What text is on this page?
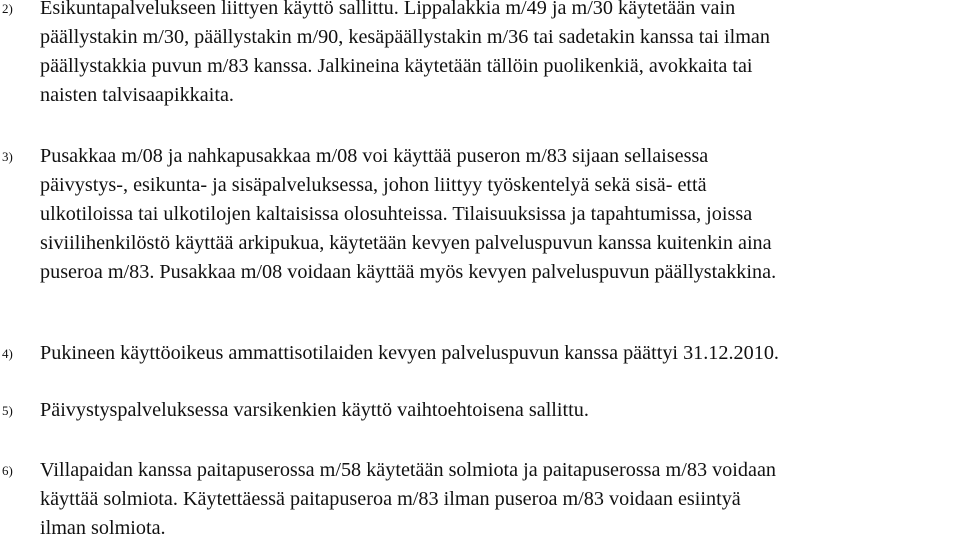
2) Esikuntapalvelukseen liittyen käyttö sallittu. Lippalakkia m/49 ja m/30 käytetään vain
päällystakin m/30, päällystakin m/90, kesäpäällystakin m/36 tai sadetakin kanssa tai ilman
päällystakkia puvun m/83 kanssa. Jalkineina käytetään tällöin puolikenkiä, avokkaita tai
naisten talvisaapikkaita.
3) Pusakkaa m/08 ja nahkapusakkaa m/08 voi käyttää puseron m/83 sijaan sellaisessa
päivystys-, esikunta- ja sisäpalveluksessa, johon liittyy työskentelyä sekä sisä- että
ulkotiloissa tai ulkotilojen kaltaisissa olosuhteissa. Tilaisuuksissa ja tapahtumissa, joissa
siviilihenkilöstö käyttää arkipukua, käytetään kevyen palveluspuvun kanssa kuitenkin aina
puseroa m/83. Pusakkaa m/08 voidaan käyttää myös kevyen palveluspuvun päällystakkina.
4) Pukineen käyttöoikeus ammattisotilaiden kevyen palveluspuvun kanssa päättyi 31.12.2010.
5) Päivystyspalveluksessa varsikenkien käyttö vaihtoehtoisena sallittu.
6) Villapaidan kanssa paitapuserossa m/58 käytetään solmiota ja paitapuserossa m/83 voidaan
käyttää solmiota. Käytettäessä paitapuseroa m/83 ilman puseroa m/83 voidaan esiintyä
ilman solmiota.
